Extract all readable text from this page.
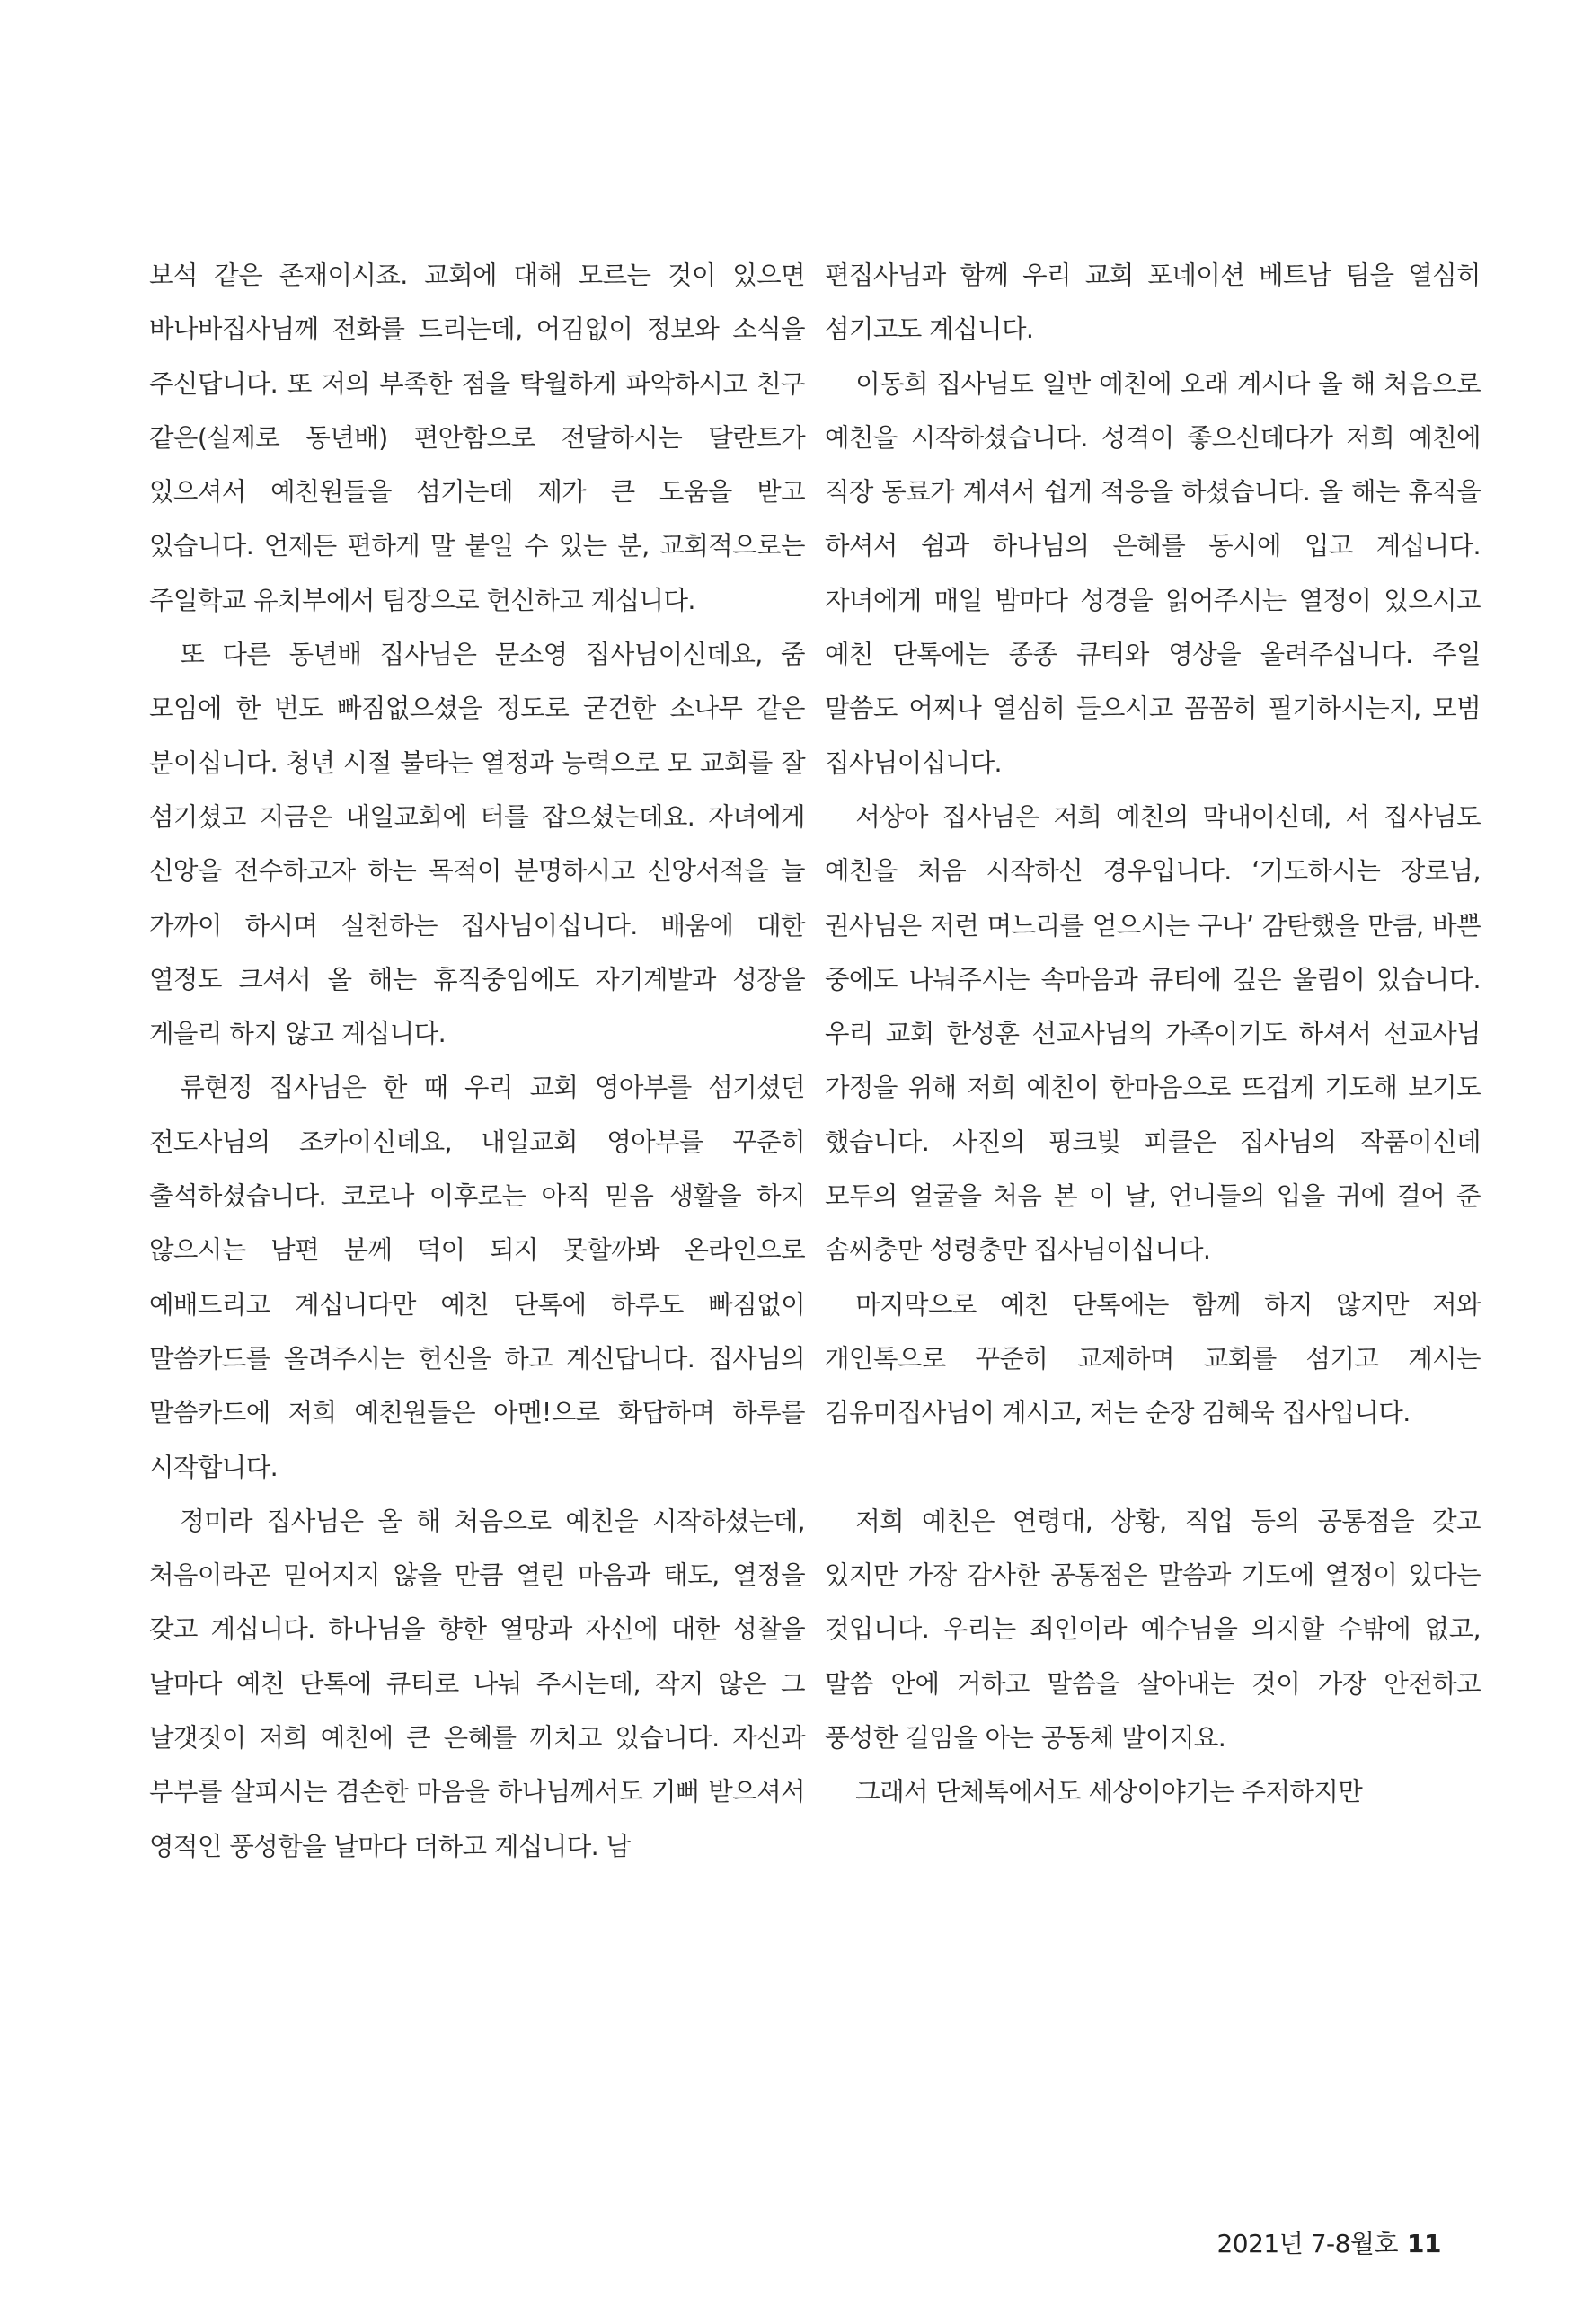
보석 같은 존재이시죠. 교회에 대해 모르는 것이 있으면 바나바집사님께 전화를 드리는데, 어김없이 정보와 소식을 주신답니다. 또 저의 부족한 점을 탁월하게 파악하시고 친구 같은(실제로 동년배) 편안함으로 전달하시는 달란트가 있으셔서 예친원들을 섬기는데 제가 큰 도움을 받고 있습니다. 언제든 편하게 말 붙일 수 있는 분, 교회적으로는 주일학교 유치부에서 팀장으로 헌신하고 계십니다.

또 다른 동년배 집사님은 문소영 집사님이신데요, 줌 모임에 한 번도 빠짐없으셨을 정도로 굳건한 소나무 같은 분이십니다. 청년 시절 불타는 열정과 능력으로 모 교회를 잘 섬기셨고 지금은 내일교회에 터를 잡으셨는데요. 자녀에게 신앙을 전수하고자 하는 목적이 분명하시고 신앙서적을 늘 가까이 하시며 실천하는 집사님이십니다. 배움에 대한 열정도 크셔서 올 해는 휴직중임에도 자기계발과 성장을 게을리 하지 않고 계십니다.

류현정 집사님은 한 때 우리 교회 영아부를 섬기셨던 전도사님의 조카이신데요, 내일교회 영아부를 꾸준히 출석하셨습니다. 코로나 이후로는 아직 믿음 생활을 하지 않으시는 남편 분께 덕이 되지 못할까봐 온라인으로 예배드리고 계십니다만 예친 단톡에 하루도 빠짐없이 말씀카드를 올려주시는 헌신을 하고 계신답니다. 집사님의 말씀카드에 저희 예친원들은 아멘!으로 화답하며 하루를 시작합니다.

정미라 집사님은 올 해 처음으로 예친을 시작하셨는데, 처음이라곤 믿어지지 않을 만큼 열린 마음과 태도, 열정을 갖고 계십니다. 하나님을 향한 열망과 자신에 대한 성찰을 날마다 예친 단톡에 큐티로 나눠 주시는데, 작지 않은 그 날갯짓이 저희 예친에 큰 은혜를 끼치고 있습니다. 자신과 부부를 살피시는 겸손한 마음을 하나님께서도 기뻐 받으셔서 영적인 풍성함을 날마다 더하고 계십니다. 남

편집사님과 함께 우리 교회 포네이션 베트남 팀을 열심히 섬기고도 계십니다.

이동희 집사님도 일반 예친에 오래 계시다 올 해 처음으로 예친을 시작하셨습니다. 성격이 좋으신데다가 저희 예친에 직장 동료가 계셔서 쉽게 적응을 하셨습니다. 올 해는 휴직을 하셔서 쉼과 하나님의 은혜를 동시에 입고 계십니다. 자녀에게 매일 밤마다 성경을 읽어주시는 열정이 있으시고 예친 단톡에는 종종 큐티와 영상을 올려주십니다. 주일 말씀도 어찌나 열심히 들으시고 꼼꼼히 필기하시는지, 모범 집사님이십니다.

서상아 집사님은 저희 예친의 막내이신데, 서 집사님도 예친을 처음 시작하신 경우입니다. ‘기도하시는 장로님, 권사님은 저런 며느리를 얻으시는 구나’ 감탄했을 만큼, 바쁜 중에도 나눠주시는 속마음과 큐티에 깊은 울림이 있습니다. 우리 교회 한성훈 선교사님의 가족이기도 하셔서 선교사님 가정을 위해 저희 예친이 한마음으로 뜨겁게 기도해 보기도 했습니다. 사진의 핑크빛 피클은 집사님의 작품이신데 모두의 얼굴을 처음 본 이 날, 언니들의 입을 귀에 걸어 준 솜씨충만 성령충만 집사님이십니다.

마지막으로 예친 단톡에는 함께 하지 않지만 저와 개인톡으로 꾸준히 교제하며 교회를 섬기고 계시는 김유미집사님이 계시고, 저는 순장 김혜욱 집사입니다.

저희 예친은 연령대, 상황, 직업 등의 공통점을 갖고 있지만 가장 감사한 공통점은 말씀과 기도에 열정이 있다는 것입니다. 우리는 죄인이라 예수님을 의지할 수밖에 없고, 말씀 안에 거하고 말씀을 살아내는 것이 가장 안전하고 풍성한 길임을 아는 공동체 말이지요.

그래서 단체톡에서도 세상이야기는 주저하지만

2021년 7-8월호 11
